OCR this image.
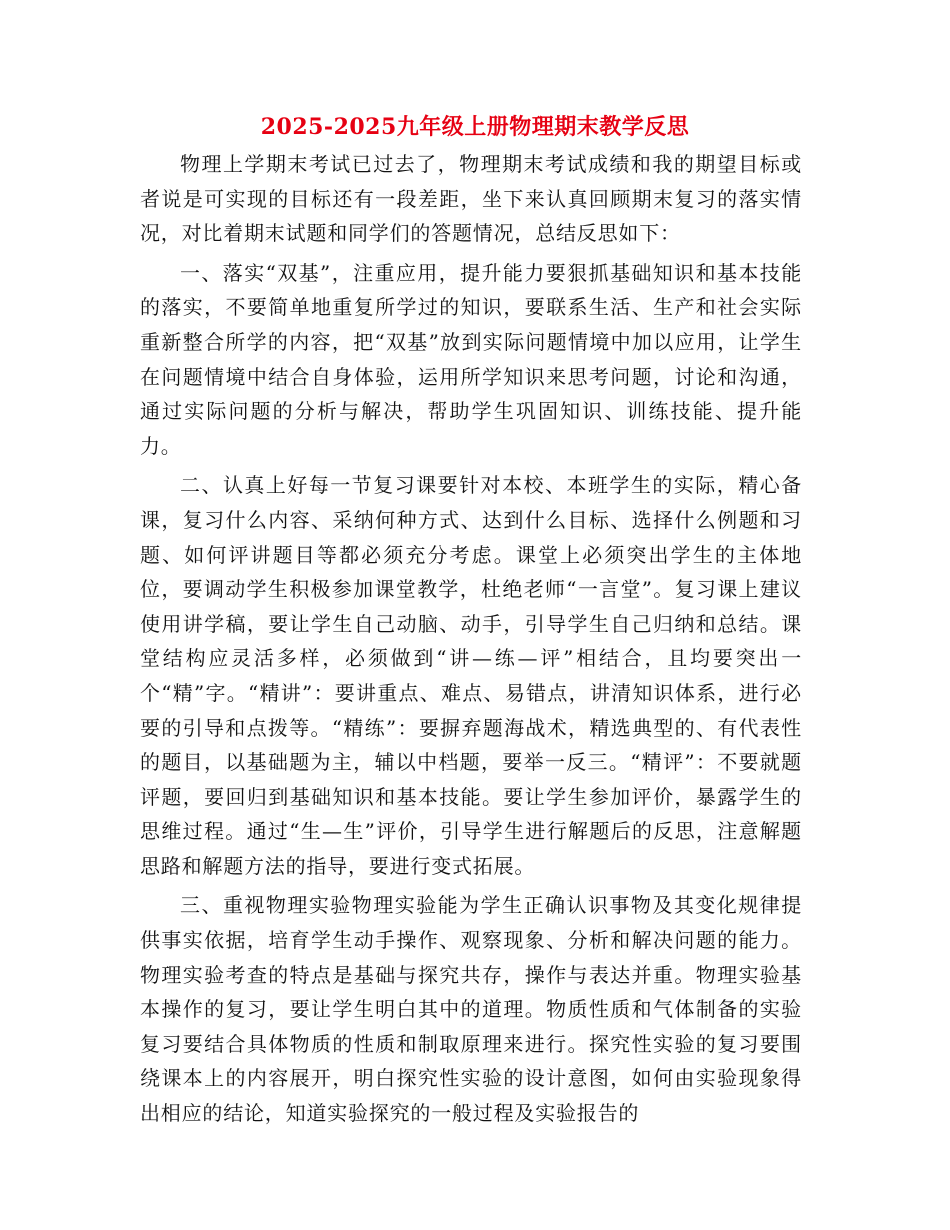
2025-2025九年级上册物理期末教学反思

物理上学期末考试已过去了，物理期末考试成绩和我的期望目标或者说是可实现的目标还有一段差距，坐下来认真回顾期末复习的落实情况，对比着期末试题和同学们的答题情况，总结反思如下：

一、落实“双基”，注重应用，提升能力要狠抓基础知识和基本技能的落实，不要简单地重复所学过的知识，要联系生活、生产和社会实际重新整合所学的内容，把“双基”放到实际问题情境中加以应用，让学生在问题情境中结合自身体验，运用所学知识来思考问题，讨论和沟通，通过实际问题的分析与解决，帮助学生巩固知识、训练技能、提升能力。

二、认真上好每一节复习课要针对本校、本班学生的实际，精心备课，复习什么内容、采纳何种方式、达到什么目标、选择什么例题和习题、如何评讲题目等都必须充分考虑。课堂上必须突出学生的主体地位，要调动学生积极参加课堂教学，杜绝老师“一言堂”。复习课上建议使用讲学稿，要让学生自己动脑、动手，引导学生自己归纳和总结。课堂结构应灵活多样，必须做到“讲—练—评”相结合，且均要突出一个“精”字。“精讲”：要讲重点、难点、易错点，讲清知识体系，进行必要的引导和点拨等。“精练”：要摒弃题海战术，精选典型的、有代表性的题目，以基础题为主，辅以中档题，要举一反三。“精评”：不要就题评题，要回归到基础知识和基本技能。要让学生参加评价，暴露学生的思维过程。通过“生—生”评价，引导学生进行解题后的反思，注意解题思路和解题方法的指导，要进行变式拓展。

三、重视物理实验物理实验能为学生正确认识事物及其变化规律提供事实依据，培育学生动手操作、观察现象、分析和解决问题的能力。物理实验考查的特点是基础与探究共存，操作与表达并重。物理实验基本操作的复习，要让学生明白其中的道理。物质性质和气体制备的实验复习要结合具体物质的性质和制取原理来进行。探究性实验的复习要围绕课本上的内容展开，明白探究性实验的设计意图，如何由实验现象得出相应的结论，知道实验探究的一般过程及实验报告的
